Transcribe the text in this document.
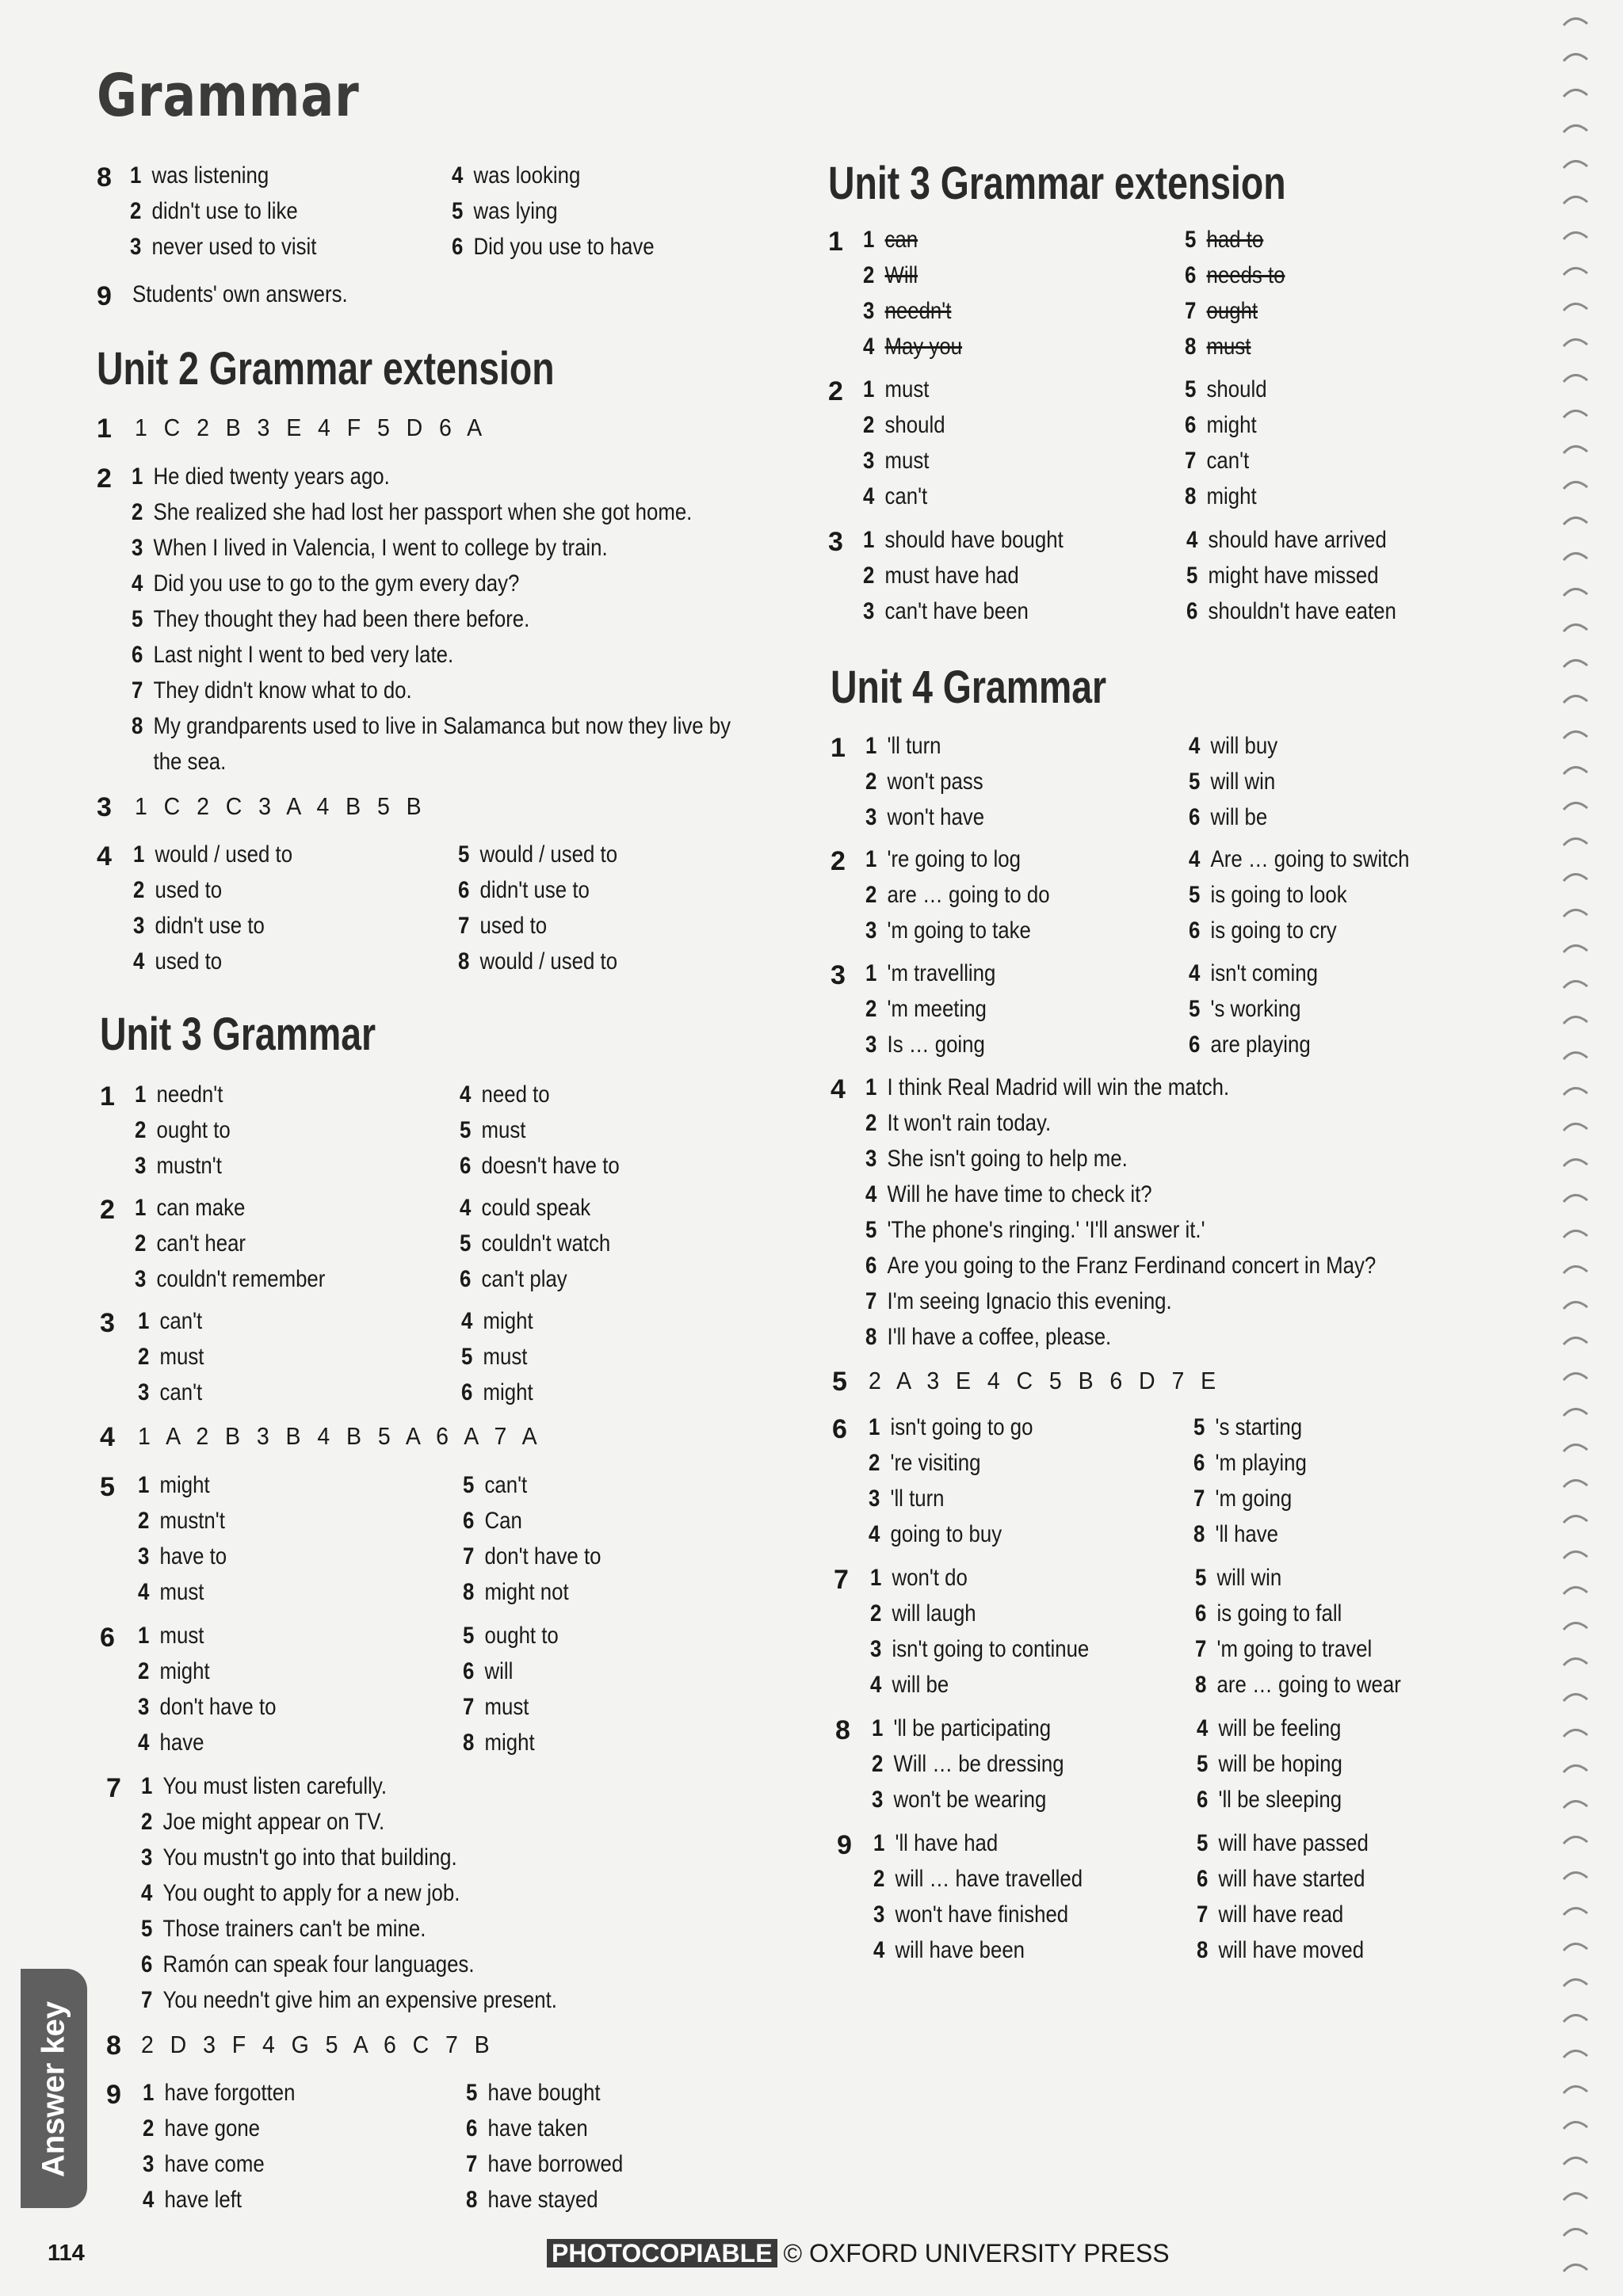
Grammar
8 1 was listening
2 didn't use to like
3 never used to visit
4 was looking
5 was lying
6 Did you use to have
9 Students' own answers.
Unit 2 Grammar extension
1 1 C 2 B 3 E 4 F 5 D 6 A
2 1 He died twenty years ago.
2 She realized she had lost her passport when she got home.
3 When I lived in Valencia, I went to college by train.
4 Did you use to go to the gym every day?
5 They thought they had been there before.
6 Last night I went to bed very late.
7 They didn't know what to do.
8 My grandparents used to live in Salamanca but now they live by
the sea.
3 1 C 2 C 3 A 4 B 5 B
4 1 would / used to
2 used to
3 didn't use to
4 used to
5 would / used to
6 didn't use to
7 used to
8 would / used to
Unit 3 Grammar
1 1 needn't
2 ought to
3 mustn't
4 need to
5 must
6 doesn't have to
2 1 can make
2 can't hear
3 couldn't remember
4 could speak
5 couldn't watch
6 can't play
3 1 can't
2 must
3 can't
4 might
5 must
6 might
4 1 A 2 B 3 B 4 B 5 A 6 A 7 A
5 1 might
2 mustn't
3 have to
4 must
5 can't
6 Can
7 don't have to
8 might not
6 1 must
2 might
3 don't have to
4 have
5 ought to
6 will
7 must
8 might
7 1 You must listen carefully.
2 Joe might appear on TV.
3 You mustn't go into that building.
4 You ought to apply for a new job.
5 Those trainers can't be mine.
6 Ramón can speak four languages.
7 You needn't give him an expensive present.
8 2 D 3 F 4 G 5 A 6 C 7 B
9 1 have forgotten
2 have gone
3 have come
4 have left
5 have bought
6 have taken
7 have borrowed
8 have stayed
Unit 3 Grammar extension
1 1 can
2 Will
3 needn't
4 May you
5 had to
6 needs to
7 ought
8 must
2 1 must
2 should
3 must
4 can't
5 should
6 might
7 can't
8 might
3 1 should have bought
2 must have had
3 can't have been
4 should have arrived
5 might have missed
6 shouldn't have eaten
Unit 4 Grammar
1 1 'll turn
2 won't pass
3 won't have
4 will buy
5 will win
6 will be
2 1 're going to log
2 are … going to do
3 'm going to take
4 Are … going to switch
5 is going to look
6 is going to cry
3 1 'm travelling
2 'm meeting
3 Is … going
4 isn't coming
5 's working
6 are playing
4 1 I think Real Madrid will win the match.
2 It won't rain today.
3 She isn't going to help me.
4 Will he have time to check it?
5 'The phone's ringing.' 'I'll answer it.'
6 Are you going to the Franz Ferdinand concert in May?
7 I'm seeing Ignacio this evening.
8 I'll have a coffee, please.
5 2 A 3 E 4 C 5 B 6 D 7 E
6 1 isn't going to go
2 're visiting
3 'll turn
4 going to buy
5 's starting
6 'm playing
7 'm going
8 'll have
7 1 won't do
2 will laugh
3 isn't going to continue
4 will be
5 will win
6 is going to fall
7 'm going to travel
8 are … going to wear
8 1 'll be participating
2 Will … be dressing
3 won't be wearing
4 will be feeling
5 will be hoping
6 'll be sleeping
9 1 'll have had
2 will … have travelled
3 won't have finished
4 will have been
5 will have passed
6 will have started
7 will have read
8 will have moved
Answer key
114	PHOTOCOPIABLE © OXFORD UNIVERSITY PRESS
